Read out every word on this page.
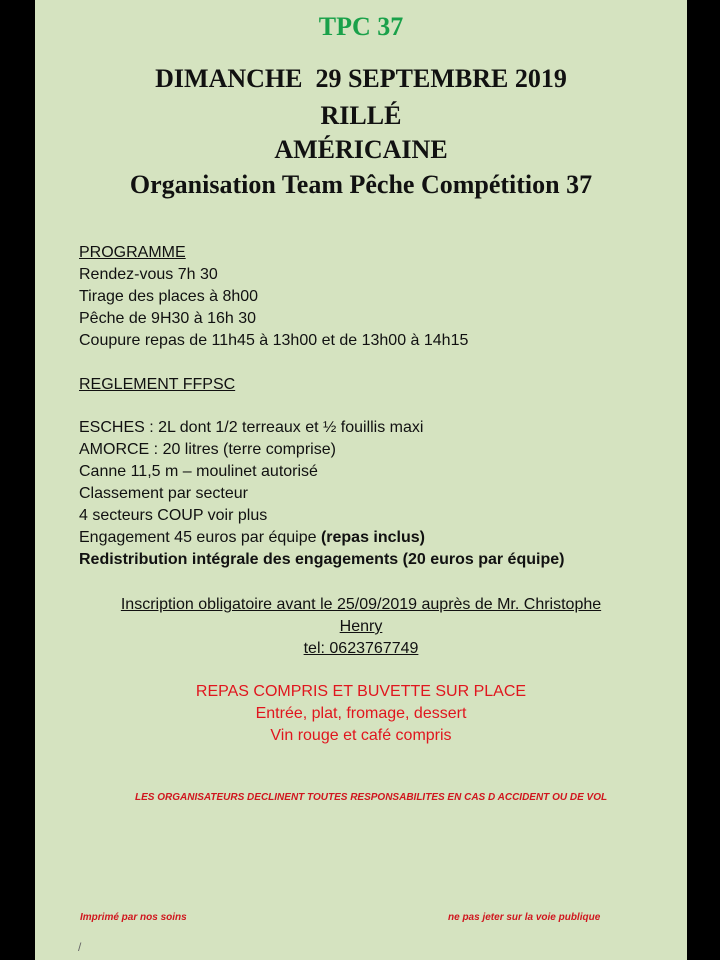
TPC 37
DIMANCHE  29 SEPTEMBRE 2019
RILLÉ
AMÉRICAINE
Organisation Team Pêche Compétition 37
PROGRAMME
Rendez-vous 7h 30
Tirage des places à 8h00
Pêche de 9H30 à 16h 30
Coupure repas de 11h45 à 13h00 et de 13h00 à 14h15
REGLEMENT FFPSC
ESCHES : 2L dont 1/2 terreaux et ½ fouillis maxi
AMORCE : 20 litres (terre comprise)
Canne 11,5 m – moulinet autorisé
Classement par secteur
4 secteurs COUP voir plus
Engagement 45 euros par équipe (repas inclus)
Redistribution intégrale des engagements (20 euros par équipe)
Inscription obligatoire avant le 25/09/2019 auprès de Mr. Christophe
Henry
tel: 0623767749
REPAS COMPRIS ET BUVETTE SUR PLACE
Entrée, plat, fromage, dessert
Vin rouge et café compris
LES ORGANISATEURS DECLINENT TOUTES RESPONSABILITES EN CAS D ACCIDENT OU DE VOL
Imprimé par nos soins	ne pas jeter sur la voie publique
/
